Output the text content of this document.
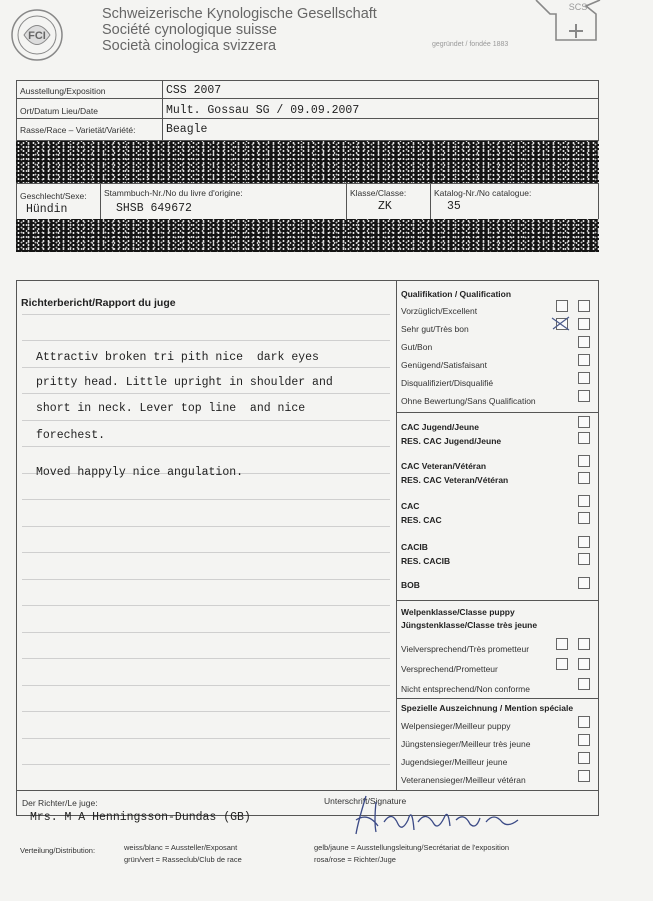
FCI
Schweizerische Kynologische Gesellschaft
Société cynologique suisse
Società cinologica svizzera	gegründet / fondée 1883
SCS
Ausstellung/Exposition	CSS 2007
Ort/Datum Lieu/Date	Mult. Gossau SG / 09.09.2007
Rasse/Race – Varietät/Variété:	Beagle
Geschlecht/Sexe:
Hündin
Stammbuch-Nr./No du livre d'origine:
SHSB 649672
Klasse/Classe:
ZK
Katalog-Nr./No catalogue:
35
Richterbericht/Rapport du juge
Attractiv broken tri pith nice  dark eyes
pritty head. Little upright in shoulder and
short in neck. Lever top line  and nice
forechest.
Moved happyly nice angulation.
Qualifikation / Qualification
Vorzüglich/Excellent
Sehr gut/Très bon
Gut/Bon
Genügend/Satisfaisant
Disqualifiziert/Disqualifié
Ohne Bewertung/Sans Qualification
CAC Jugend/Jeune
RES. CAC Jugend/Jeune
CAC Veteran/Vétéran
RES. CAC Veteran/Vétéran
CAC
RES. CAC
CACIB
RES. CACIB
BOB
Welpenklasse/Classe puppy
Jüngstenklasse/Classe très jeune
Vielversprechend/Très prometteur
Versprechend/Prometteur
Nicht entsprechend/Non conforme
Spezielle Auszeichnung / Mention spéciale
Welpensieger/Meilleur puppy
Jüngstensieger/Meilleur très jeune
Jugendsieger/Meilleur jeune
Veteranensieger/Meilleur vétéran
Der Richter/Le juge:
Mrs. M A Henningsson-Dundas (GB)
Unterschrift/Signature
Verteilung/Distribution:	weiss/blanc = Aussteller/Exposant
grün/vert = Rasseclub/Club de race
gelb/jaune = Ausstellungsleitung/Secrétariat de l'exposition
rosa/rose = Richter/Juge
